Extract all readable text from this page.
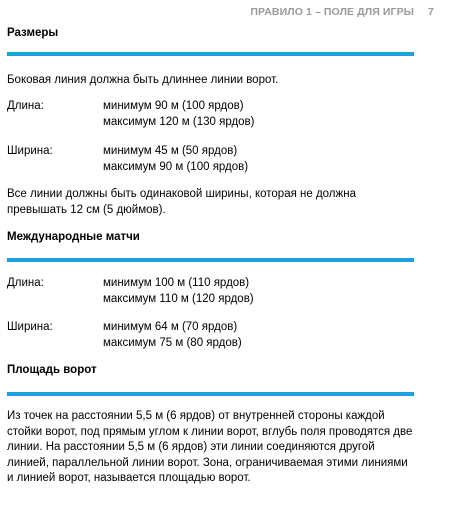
ПРАВИЛО 1 – ПОЛЕ ДЛЯ ИГРЫ 7
Размеры
Боковая линия должна быть длиннее линии ворот.
Длина:	минимум 90 м (100 ярдов)
максимум 120 м (130 ярдов)
Ширина:	минимум 45 м (50 ярдов)
максимум 90 м (100 ярдов)
Все линии должны быть одинаковой ширины, которая не должна превышать 12 см (5 дюймов).
Международные матчи
Длина:	минимум 100 м (110 ярдов)
максимум 110 м (120 ярдов)
Ширина:	минимум 64 м (70 ярдов)
максимум 75 м (80 ярдов)
Площадь ворот
Из точек на расстоянии 5,5 м (6 ярдов) от внутренней стороны каждой стойки ворот, под прямым углом к линии ворот, вглубь поля проводятся две линии. На расстоянии 5,5 м (6 ярдов) эти линии соединяются другой линией, параллельной линии ворот. Зона, ограничиваемая этими линиями и линией ворот, называется площадью ворот.
